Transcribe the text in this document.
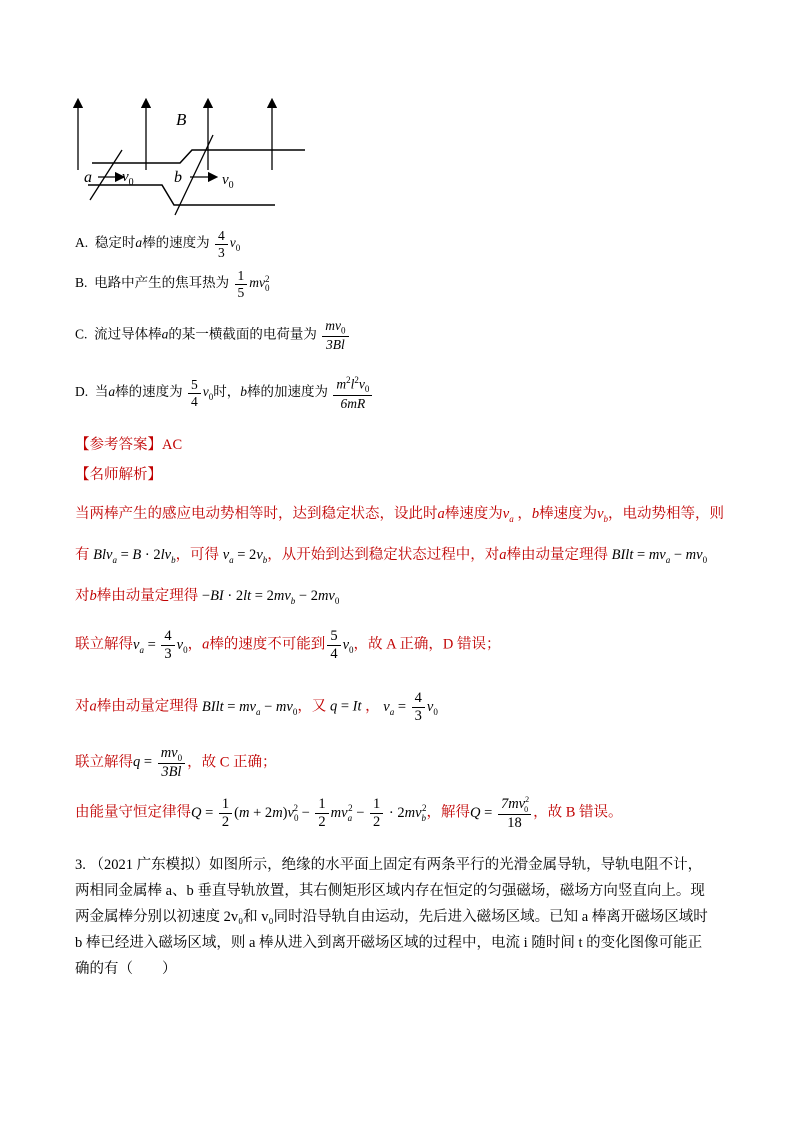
B
a	b
$v_0$	$v_0$
A. 稳定时a棒的速度为 $\frac{4}{3} v_0$
B. 电路中产生的焦耳热为 $\frac{1}{5} mv2$
0
C. 流过导体棒a的某一横截面的电荷量为 $\frac{mv_0}{3Bl}$
D. 当a棒的速度为 $\frac{5}{4} v_0$时，b棒的加速度为 $\frac{m^2l^2v_0}{6mR}$
【参考答案】AC
【名师解析】
当两棒产生的感应电动势相等时，达到稳定状态，设此时a棒速度为$v_a$ ，b棒速度为$v_b$，电动势相等，则
有 $Blv_a = B \cdot 2lv_b$，可得 $v_a = 2v_b$，从开始到达到稳定状态过程中，对a棒由动量定理得 BIlt = $mv_a - mv_0$
对b棒由动量定理得 $-BI \cdot 2lt = 2mv_b - 2mv_0$
联立解得$v_a = \frac{4}{3} v_0$，a棒的速度不可能到 $\frac{5}{4} v_0$，故 A 正确，D 错误；
对a棒由动量定理得 BIlt = $mv_a - mv_0$，又 q = It ， $v_a = \frac{4}{3} v_0$
联立解得$q = \frac{mv_0}{3Bl}$ ，故 C 正确；
由能量守恒定律得$Q = \frac{1}{2} (m + 2m)v_0^2 - \frac{1}{2} mv_a^2 - \frac{1}{2} \cdot 2mv_b^2$，解得$Q = \frac{7mv^2_0}{18}$ ，故 B 错误。
3. （2021 广东模拟）如图所示，绝缘的水平面上固定有两条平行的光滑金属导轨，导轨电阻不计，两相同金属棒 a、b 垂直导轨放置，其右侧矩形区域内存在恒定的匀强磁场，磁场方向竖直向上。现两金属棒分别以初速度 2v₀和 v₀同时沿导轨自由运动，先后进入磁场区域。已知 a 棒离开磁场区域时 b 棒已经进入磁场区域，则 a 棒从进入到离开磁场区域的过程中，电流 i 随时间 t 的变化图像可能正确的有（　　）
